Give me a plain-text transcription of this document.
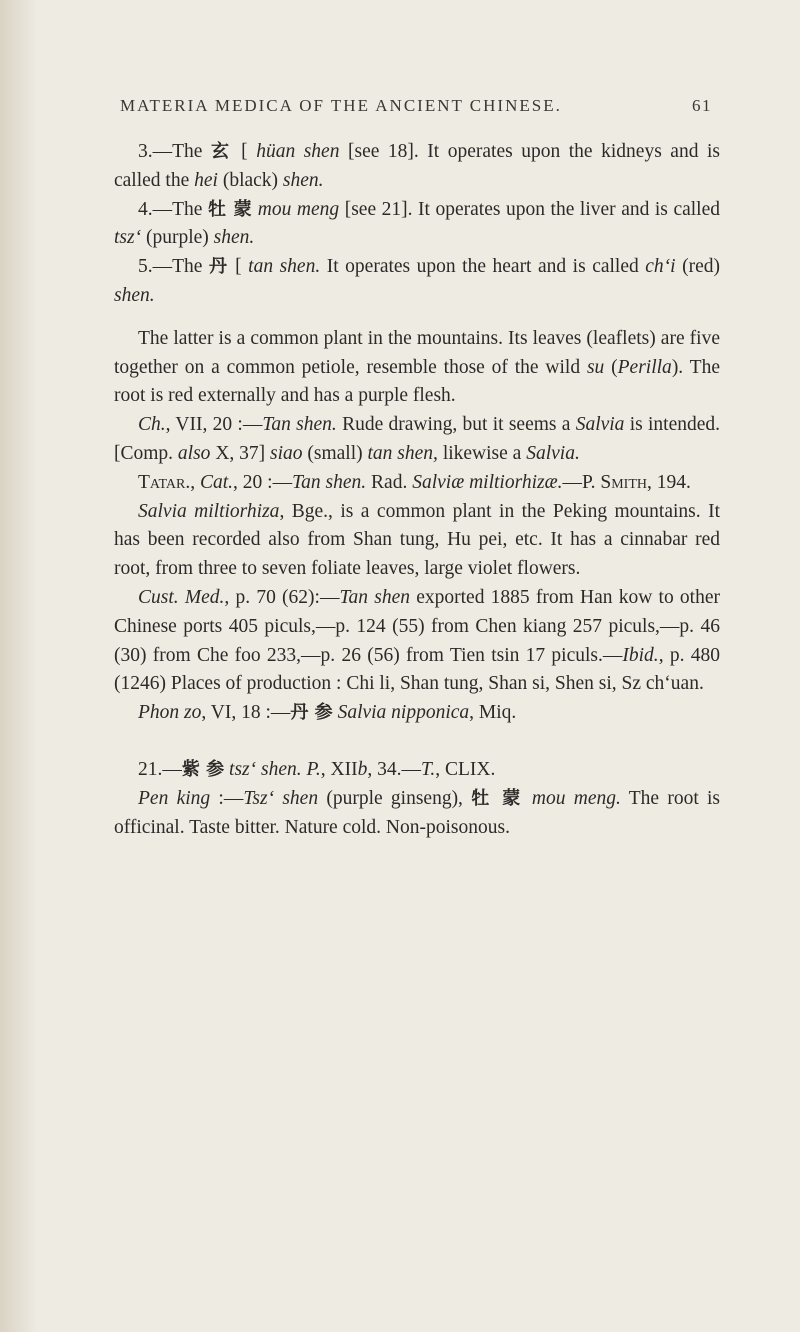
MATERIA MEDICA OF THE ANCIENT CHINESE.	61

3.—The 玄 [ hüan shen [see 18]. It operates upon the kidneys and is called the hei (black) shen.

4.—The 牡 蒙 mou meng [see 21]. It operates upon the liver and is called tsz‘ (purple) shen.

5.—The 丹 [ tan shen. It operates upon the heart and is called ch‘i (red) shen.

The latter is a common plant in the mountains. Its leaves (leaflets) are five together on a common petiole, resemble those of the wild su (Perilla). The root is red externally and has a purple flesh.

Ch., VII, 20 :—Tan shen. Rude drawing, but it seems a Salvia is intended. [Comp. also X, 37] siao (small) tan shen, likewise a Salvia.

Tatar., Cat., 20 :—Tan shen. Rad. Salviæ miltiorhizæ.—P. Smith, 194.

Salvia miltiorhiza, Bge., is a common plant in the Peking mountains. It has been recorded also from Shan tung, Hu pei, etc. It has a cinnabar red root, from three to seven foliate leaves, large violet flowers.

Cust. Med., p. 70 (62):—Tan shen exported 1885 from Han kow to other Chinese ports 405 piculs,—p. 124 (55) from Chen kiang 257 piculs,—p. 46 (30) from Che foo 233,—p. 26 (56) from Tien tsin 17 piculs.—Ibid., p. 480 (1246) Places of production : Chi li, Shan tung, Shan si, Shen si, Sz ch‘uan.

Phon zo, VI, 18 :—丹 参 Salvia nipponica, Miq.

21.—紫 参 tsz‘ shen. P., XIIb, 34.—T., CLIX.

Pen king :—Tsz‘ shen (purple ginseng), 牡 蒙 mou meng. The root is officinal. Taste bitter. Nature cold. Non-poisonous.
